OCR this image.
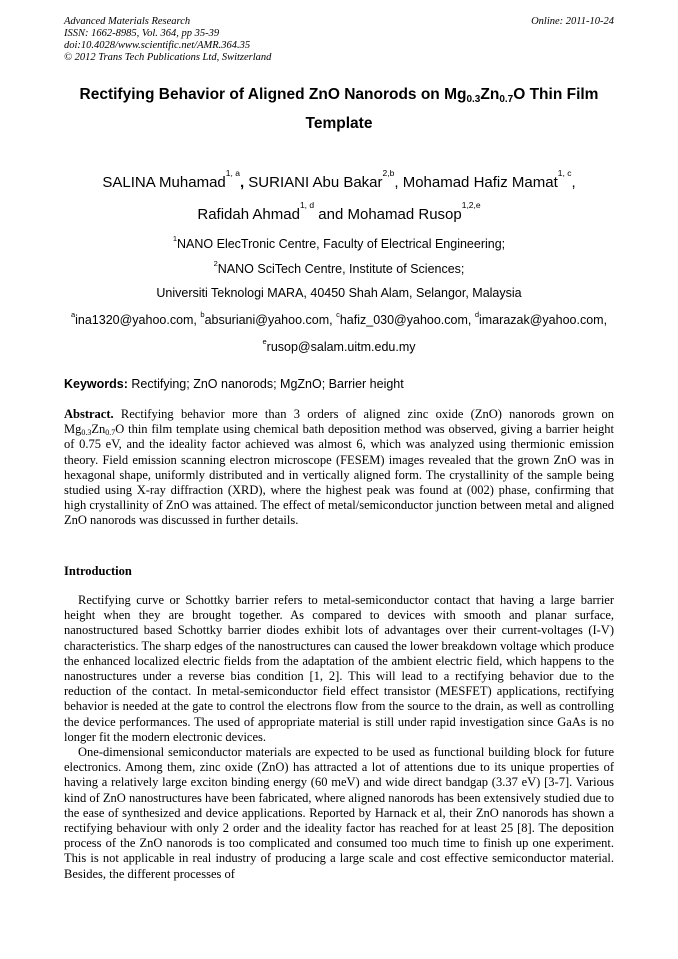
Advanced Materials Research
ISSN: 1662-8985, Vol. 364, pp 35-39
doi:10.4028/www.scientific.net/AMR.364.35
© 2012 Trans Tech Publications Ltd, Switzerland
Online: 2011-10-24
Rectifying Behavior of Aligned ZnO Nanorods on $Mg_{0.3}Zn_{0.7}O$ Thin Film
Template
SALINA Muhamad$^{1, a}$, SURIANI Abu Bakar$^{2,b}$, Mohamad Hafiz Mamat$^{1, c}$,
Rafidah Ahmad$^{1, d}$ and Mohamad Rusop$^{1,2,e}$
$^1$NANO ElecTronic Centre, Faculty of Electrical Engineering;
$^2$NANO SciTech Centre, Institute of Sciences;
Universiti Teknologi MARA, 40450 Shah Alam, Selangor, Malaysia
$^a$ina1320@yahoo.com, $^b$absuriani@yahoo.com, $^c$hafiz_030@yahoo.com, $^d$imarazak@yahoo.com,
$^e$rusop@salam.uitm.edu.my
Keywords: Rectifying; ZnO nanorods; MgZnO; Barrier height
Abstract. Rectifying behavior more than 3 orders of aligned zinc oxide (ZnO) nanorods grown on $Mg_{0.3}Zn_{0.7}O$ thin film template using chemical bath deposition method was observed, giving a barrier height of 0.75 eV, and the ideality factor achieved was almost 6, which was analyzed using thermionic emission theory. Field emission scanning electron microscope (FESEM) images revealed that the grown ZnO was in hexagonal shape, uniformly distributed and in vertically aligned form. The crystallinity of the sample being studied using X-ray diffraction (XRD), where the highest peak was found at (002) phase, confirming that high crystallinity of ZnO was attained. The effect of metal/semiconductor junction between metal and aligned ZnO nanorods was discussed in further details.
Introduction

Rectifying curve or Schottky barrier refers to metal-semiconductor contact that having a large barrier height when they are brought together. As compared to devices with smooth and planar surface, nanostructured based Schottky barrier diodes exhibit lots of advantages over their current-voltages (I-V) characteristics. The sharp edges of the nanostructures can caused the lower breakdown voltage which produce the enhanced localized electric fields from the adaptation of the ambient electric field, which happens to the nanostructures under a reverse bias condition [1, 2]. This will lead to a rectifying behavior due to the reduction of the contact. In metal-semiconductor field effect transistor (MESFET) applications, rectifying behavior is needed at the gate to control the electrons flow from the source to the drain, as well as controlling the device performances. The used of appropriate material is still under rapid investigation since GaAs is no longer fit the modern electronic devices.

One-dimensional semiconductor materials are expected to be used as functional building block for future electronics. Among them, zinc oxide (ZnO) has attracted a lot of attentions due to its unique properties of having a relatively large exciton binding energy (60 meV) and wide direct bandgap (3.37 eV) [3-7]. Various kind of ZnO nanostructures have been fabricated, where aligned nanorods has been extensively studied due to the ease of synthesized and device applications. Reported by Harnack et al, their ZnO nanorods has shown a rectifying behaviour with only 2 order and the ideality factor has reached for at least 25 [8]. The deposition process of the ZnO nanorods is too complicated and consumed too much time to finish up one experiment. This is not applicable in real industry of producing a large scale and cost effective semiconductor material. Besides, the different processes of
